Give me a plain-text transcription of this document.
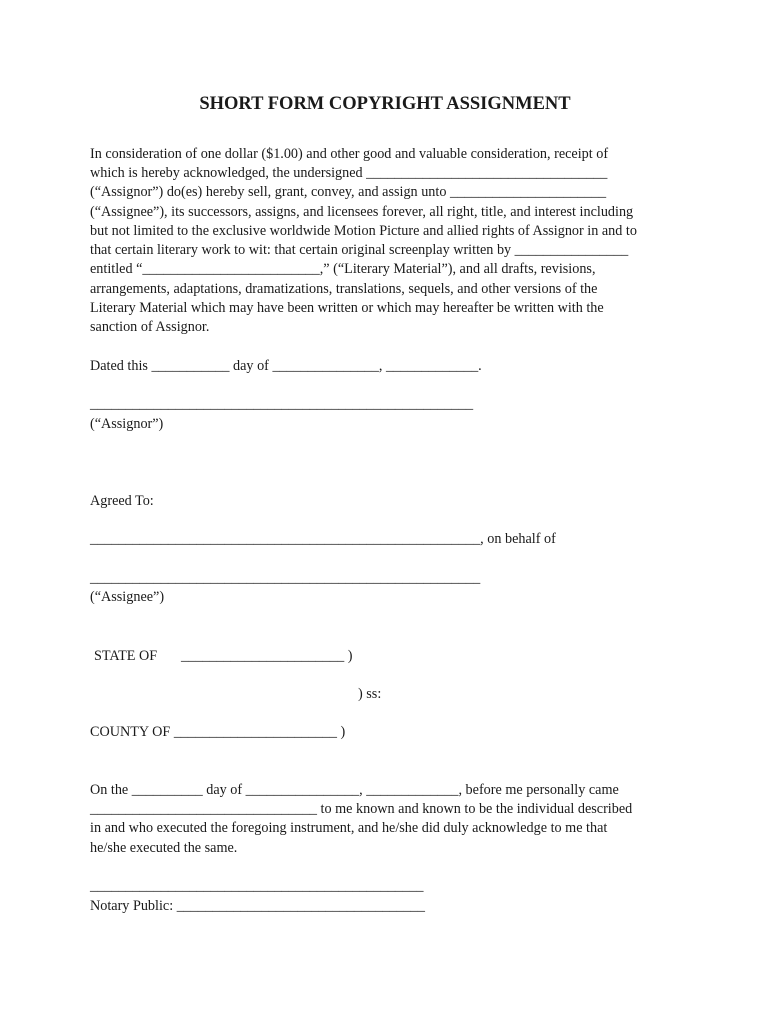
SHORT FORM COPYRIGHT ASSIGNMENT

In consideration of one dollar ($1.00) and other good and valuable consideration, receipt of

which is hereby acknowledged, the undersigned __________________________________

(“Assignor”) do(es) hereby sell, grant, convey, and assign unto ______________________

(“Assignee”), its successors, assigns, and licensees forever, all right, title, and interest including

but not limited to the exclusive worldwide Motion Picture and allied rights of Assignor in and to

that certain literary work to wit: that certain original screenplay written by ________________

entitled “_________________________,” (“Literary Material”), and all drafts, revisions,

arrangements, adaptations, dramatizations, translations, sequels, and other versions of the

Literary Material which may have been written or which may hereafter be written with the

sanction of Assignor.

Dated this ___________ day of _______________, _____________.

______________________________________________________

(“Assignor”)

Agreed To:

_______________________________________________________, on behalf of

_______________________________________________________

(“Assignee”)

STATE OF _______________________ )

) ss:

COUNTY OF _______________________ )

On the __________ day of ________________, _____________, before me personally came

________________________________ to me known and known to be the individual described

in and who executed the foregoing instrument, and he/she did duly acknowledge to me that

he/she executed the same.

_______________________________________________

Notary Public: ___________________________________
